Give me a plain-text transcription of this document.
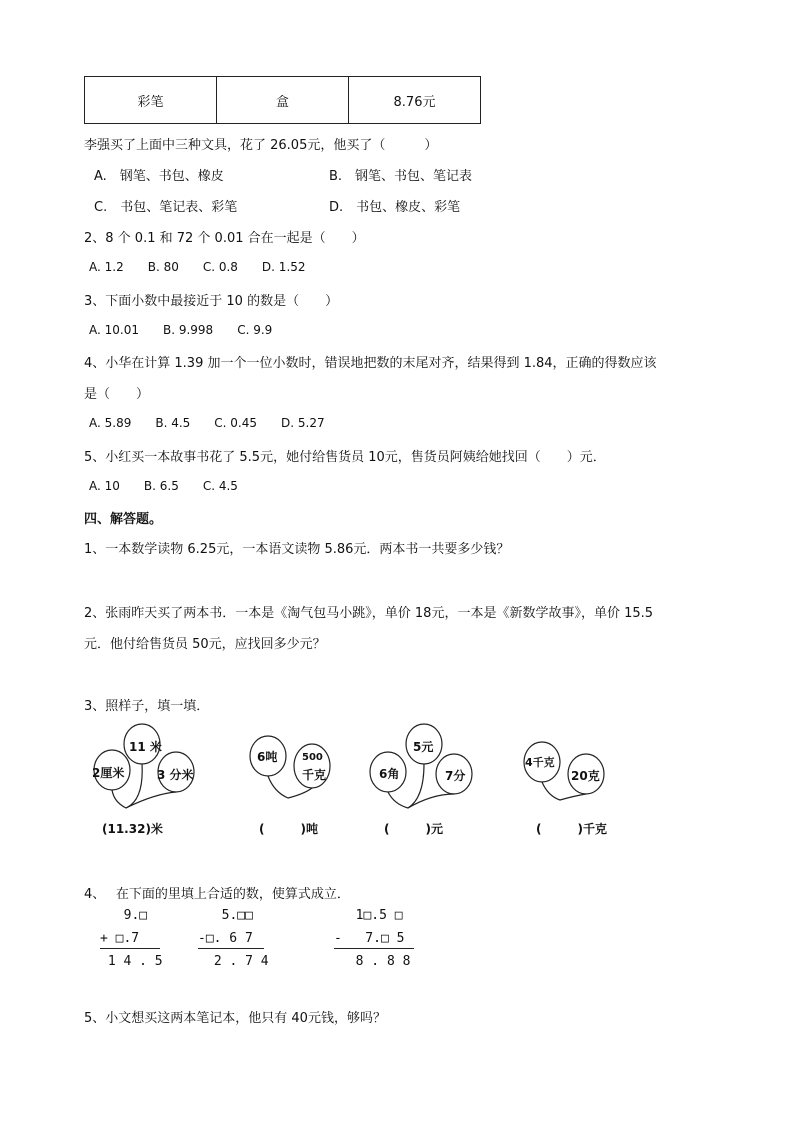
彩笔	盒	8.76元
李强买了上面中三种文具，花了 26.05元，他买了（　　　）
A.　钢笔、书包、橡皮	B.　钢笔、书包、笔记表
C.　书包、笔记表、彩笔	D.　书包、橡皮、彩笔
2、8 个 0.1 和 72 个 0.01 合在一起是（　　）
A. 1.2　　B. 80　　C. 0.8　　D. 1.52
3、下面小数中最接近于 10 的数是（　　）
A. 10.01　　B. 9.998　　C. 9.9
4、小华在计算 1.39 加一个一位小数时，错误地把数的末尾对齐，结果得到 1.84，正确的得数应该
是（　　）
A. 5.89　　B. 4.5　　C. 0.45　　D. 5.27
5、小红买一本故事书花了 5.5元，她付给售货员 10元，售货员阿姨给她找回（　　）元．
A. 10　　B. 6.5　　C. 4.5
四、解答题。
1、一本数学读物 6.25元，一本语文读物 5.86元．两本书一共要多少钱？
2、张雨昨天买了两本书．一本是《淘气包马小跳》，单价 18元，一本是《新数学故事》，单价 15.5
元．他付给售货员 50元，应找回多少元？
3、照样子，填一填．
2厘米
11 米
3 分米
(11.32)米
6吨 500
千克
(　　　)吨
6角
5元
7分
(　　　)元
4千克
20克
(　　　)千克
4、　 在下面的里填上合适的数，使算式成立．
9.□
+ □.7
1 4 . 5
5.□□
-□. 6 7
2 . 7 4
1□.5 □
-   7.□ 5
8 . 8 8
5、小文想买这两本笔记本，他只有 40元钱，够吗？
